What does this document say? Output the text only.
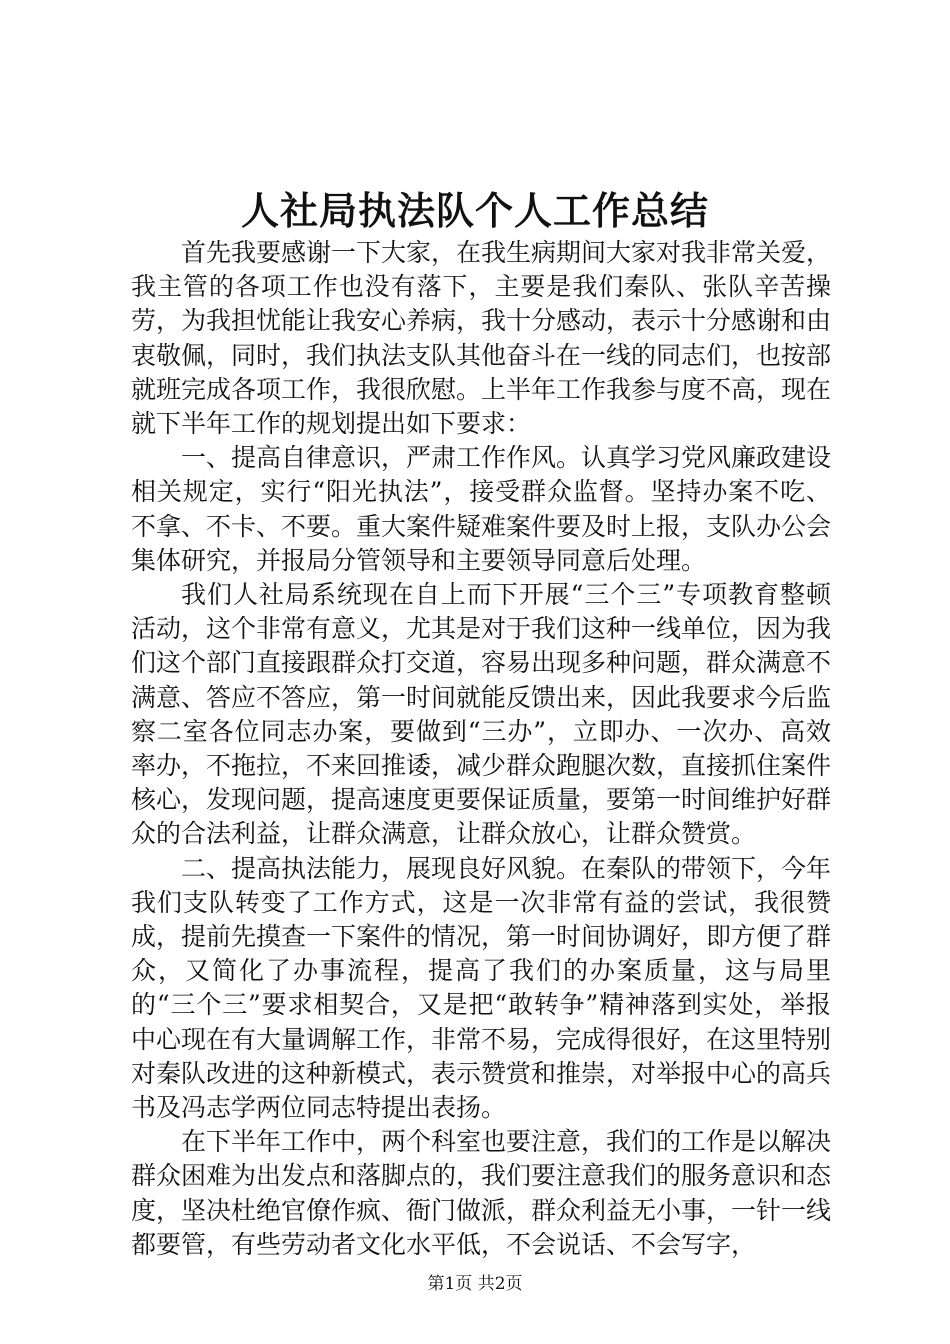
人社局执法队个人工作总结

首先我要感谢一下大家，在我生病期间大家对我非常关爱，我主管的各项工作也没有落下，主要是我们秦队、张队辛苦操劳，为我担忧能让我安心养病，我十分感动，表示十分感谢和由衷敬佩，同时，我们执法支队其他奋斗在一线的同志们，也按部就班完成各项工作，我很欣慰。上半年工作我参与度不高，现在就下半年工作的规划提出如下要求：

一、提高自律意识，严肃工作作风。认真学习党风廉政建设相关规定，实行“阳光执法”，接受群众监督。坚持办案不吃、不拿、不卡、不要。重大案件疑难案件要及时上报，支队办公会集体研究，并报局分管领导和主要领导同意后处理。

我们人社局系统现在自上而下开展“三个三”专项教育整顿活动，这个非常有意义，尤其是对于我们这种一线单位，因为我们这个部门直接跟群众打交道，容易出现多种问题，群众满意不满意、答应不答应，第一时间就能反馈出来，因此我要求今后监察二室各位同志办案，要做到“三办”，立即办、一次办、高效率办，不拖拉，不来回推诿，减少群众跑腿次数，直接抓住案件核心，发现问题，提高速度更要保证质量，要第一时间维护好群众的合法利益，让群众满意，让群众放心，让群众赞赏。

二、提高执法能力，展现良好风貌。在秦队的带领下，今年我们支队转变了工作方式，这是一次非常有益的尝试，我很赞成，提前先摸查一下案件的情况，第一时间协调好，即方便了群众，又简化了办事流程，提高了我们的办案质量，这与局里的“三个三”要求相契合，又是把“敢转争”精神落到实处，举报中心现在有大量调解工作，非常不易，完成得很好，在这里特别对秦队改进的这种新模式，表示赞赏和推崇，对举报中心的高兵书及冯志学两位同志特提出表扬。

在下半年工作中，两个科室也要注意，我们的工作是以解决群众困难为出发点和落脚点的，我们要注意我们的服务意识和态度，坚决杜绝官僚作疯、衙门做派，群众利益无小事，一针一线都要管，有些劳动者文化水平低，不会说话、不会写字，

第1页 共2页
